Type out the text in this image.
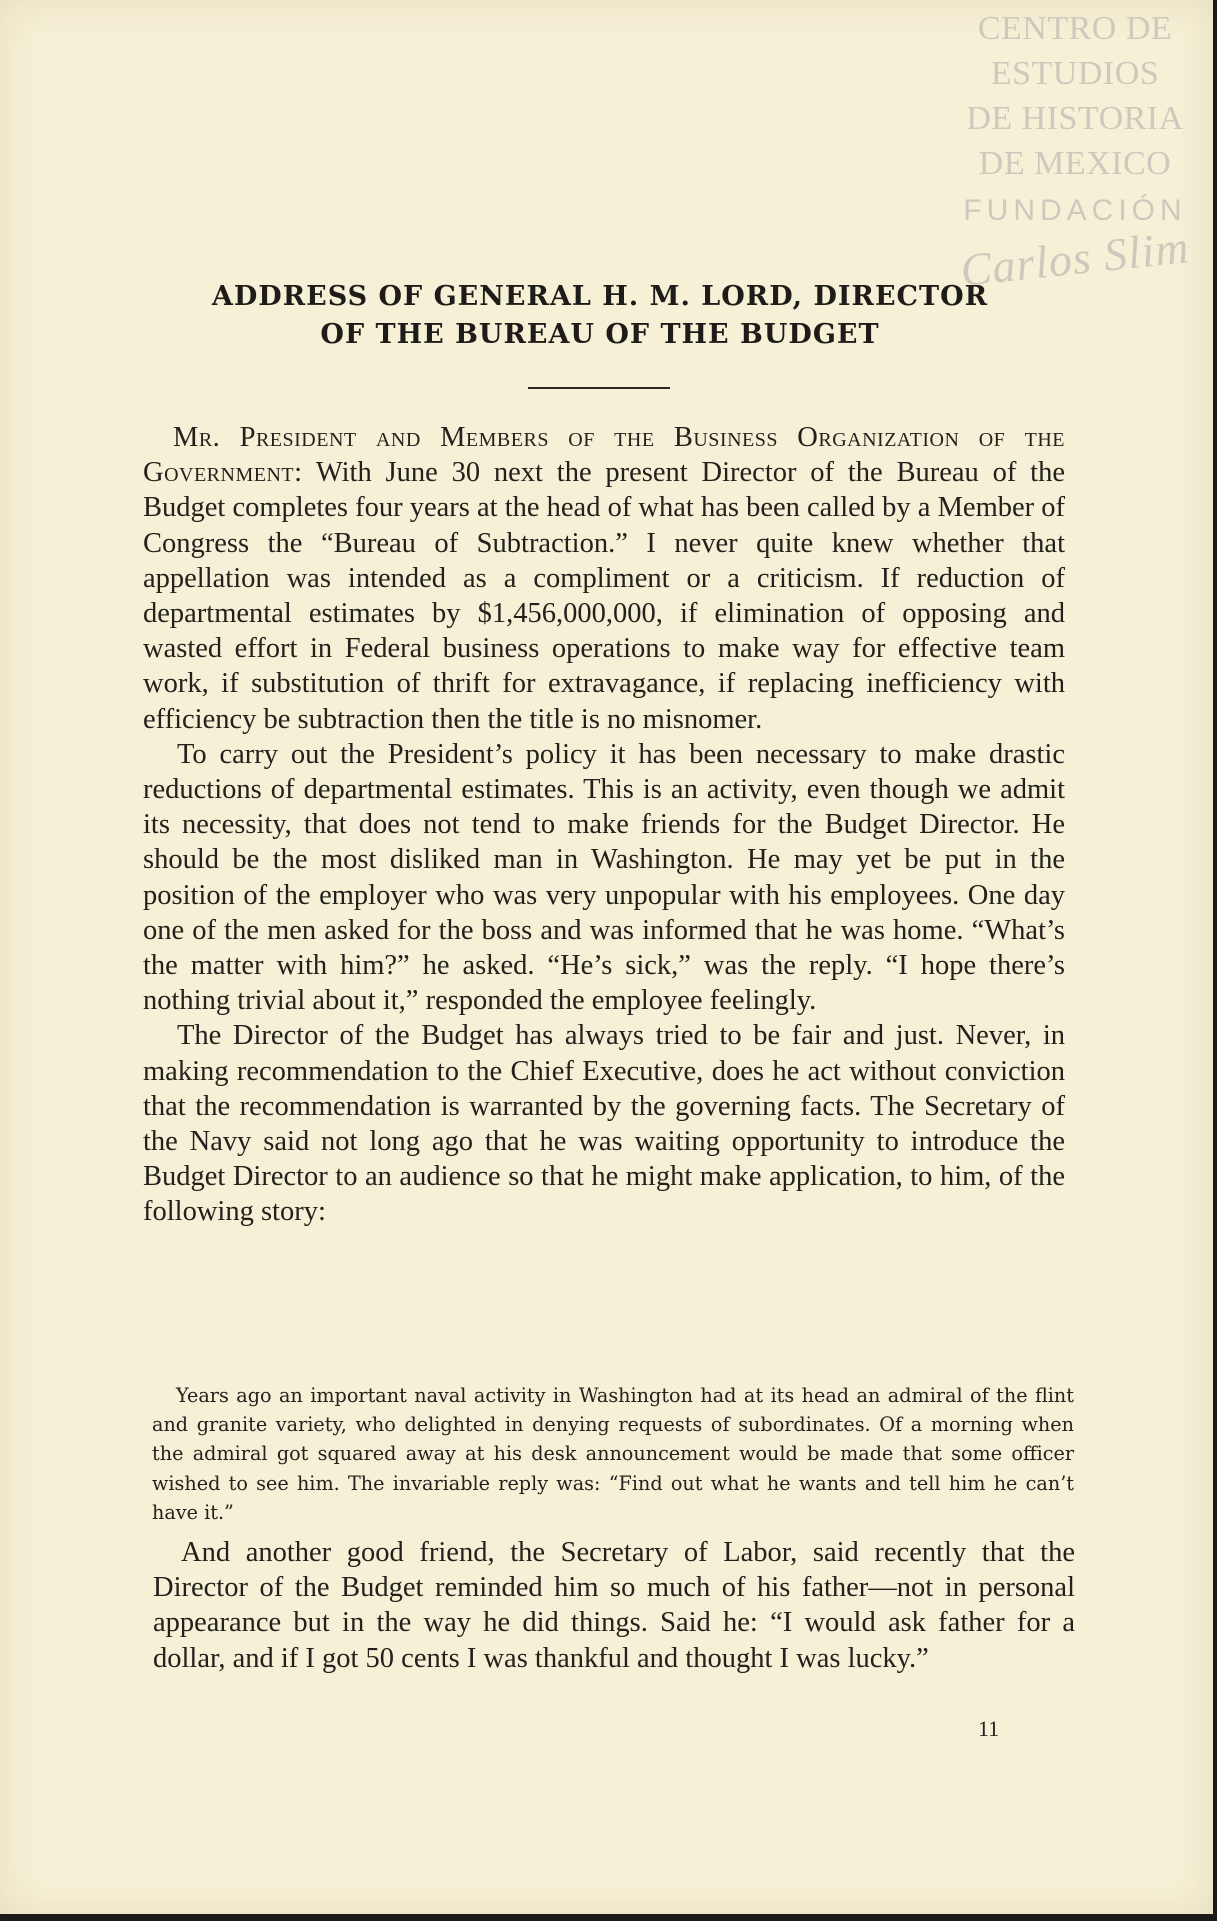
CENTRO DE
ESTUDIOS
DE HISTORIA
DE MEXICO
FUNDACIÓN
Carlos Slim
ADDRESS OF GENERAL H. M. LORD, DIRECTOR
OF THE BUREAU OF THE BUDGET

Mr. President and Members of the Business Organization of the Government: With June 30 next the present Director of the Bureau of the Budget completes four years at the head of what has been called by a Member of Congress the “Bureau of Subtraction.” I never quite knew whether that appellation was intended as a compliment or a criticism. If reduction of departmental estimates by $1,456,000,000, if elimination of opposing and wasted effort in Federal business operations to make way for effective team work, if substitution of thrift for extravagance, if replacing inefficiency with efficiency be subtraction then the title is no misnomer.

To carry out the President’s policy it has been necessary to make drastic reductions of departmental estimates. This is an activity, even though we admit its necessity, that does not tend to make friends for the Budget Director. He should be the most disliked man in Washington. He may yet be put in the position of the employer who was very unpopular with his employees. One day one of the men asked for the boss and was informed that he was home. “What’s the matter with him?” he asked. “He’s sick,” was the reply. “I hope there’s nothing trivial about it,” responded the employee feelingly.

The Director of the Budget has always tried to be fair and just. Never, in making recommendation to the Chief Executive, does he act without conviction that the recommendation is warranted by the governing facts. The Secretary of the Navy said not long ago that he was waiting opportunity to introduce the Budget Director to an audience so that he might make application, to him, of the following story:

Years ago an important naval activity in Washington had at its head an admiral of the flint and granite variety, who delighted in denying requests of subordinates. Of a morning when the admiral got squared away at his desk announcement would be made that some officer wished to see him. The invariable reply was: “Find out what he wants and tell him he can’t have it.”

And another good friend, the Secretary of Labor, said recently that the Director of the Budget reminded him so much of his father—not in personal appearance but in the way he did things. Said he: “I would ask father for a dollar, and if I got 50 cents I was thankful and thought I was lucky.”

11
